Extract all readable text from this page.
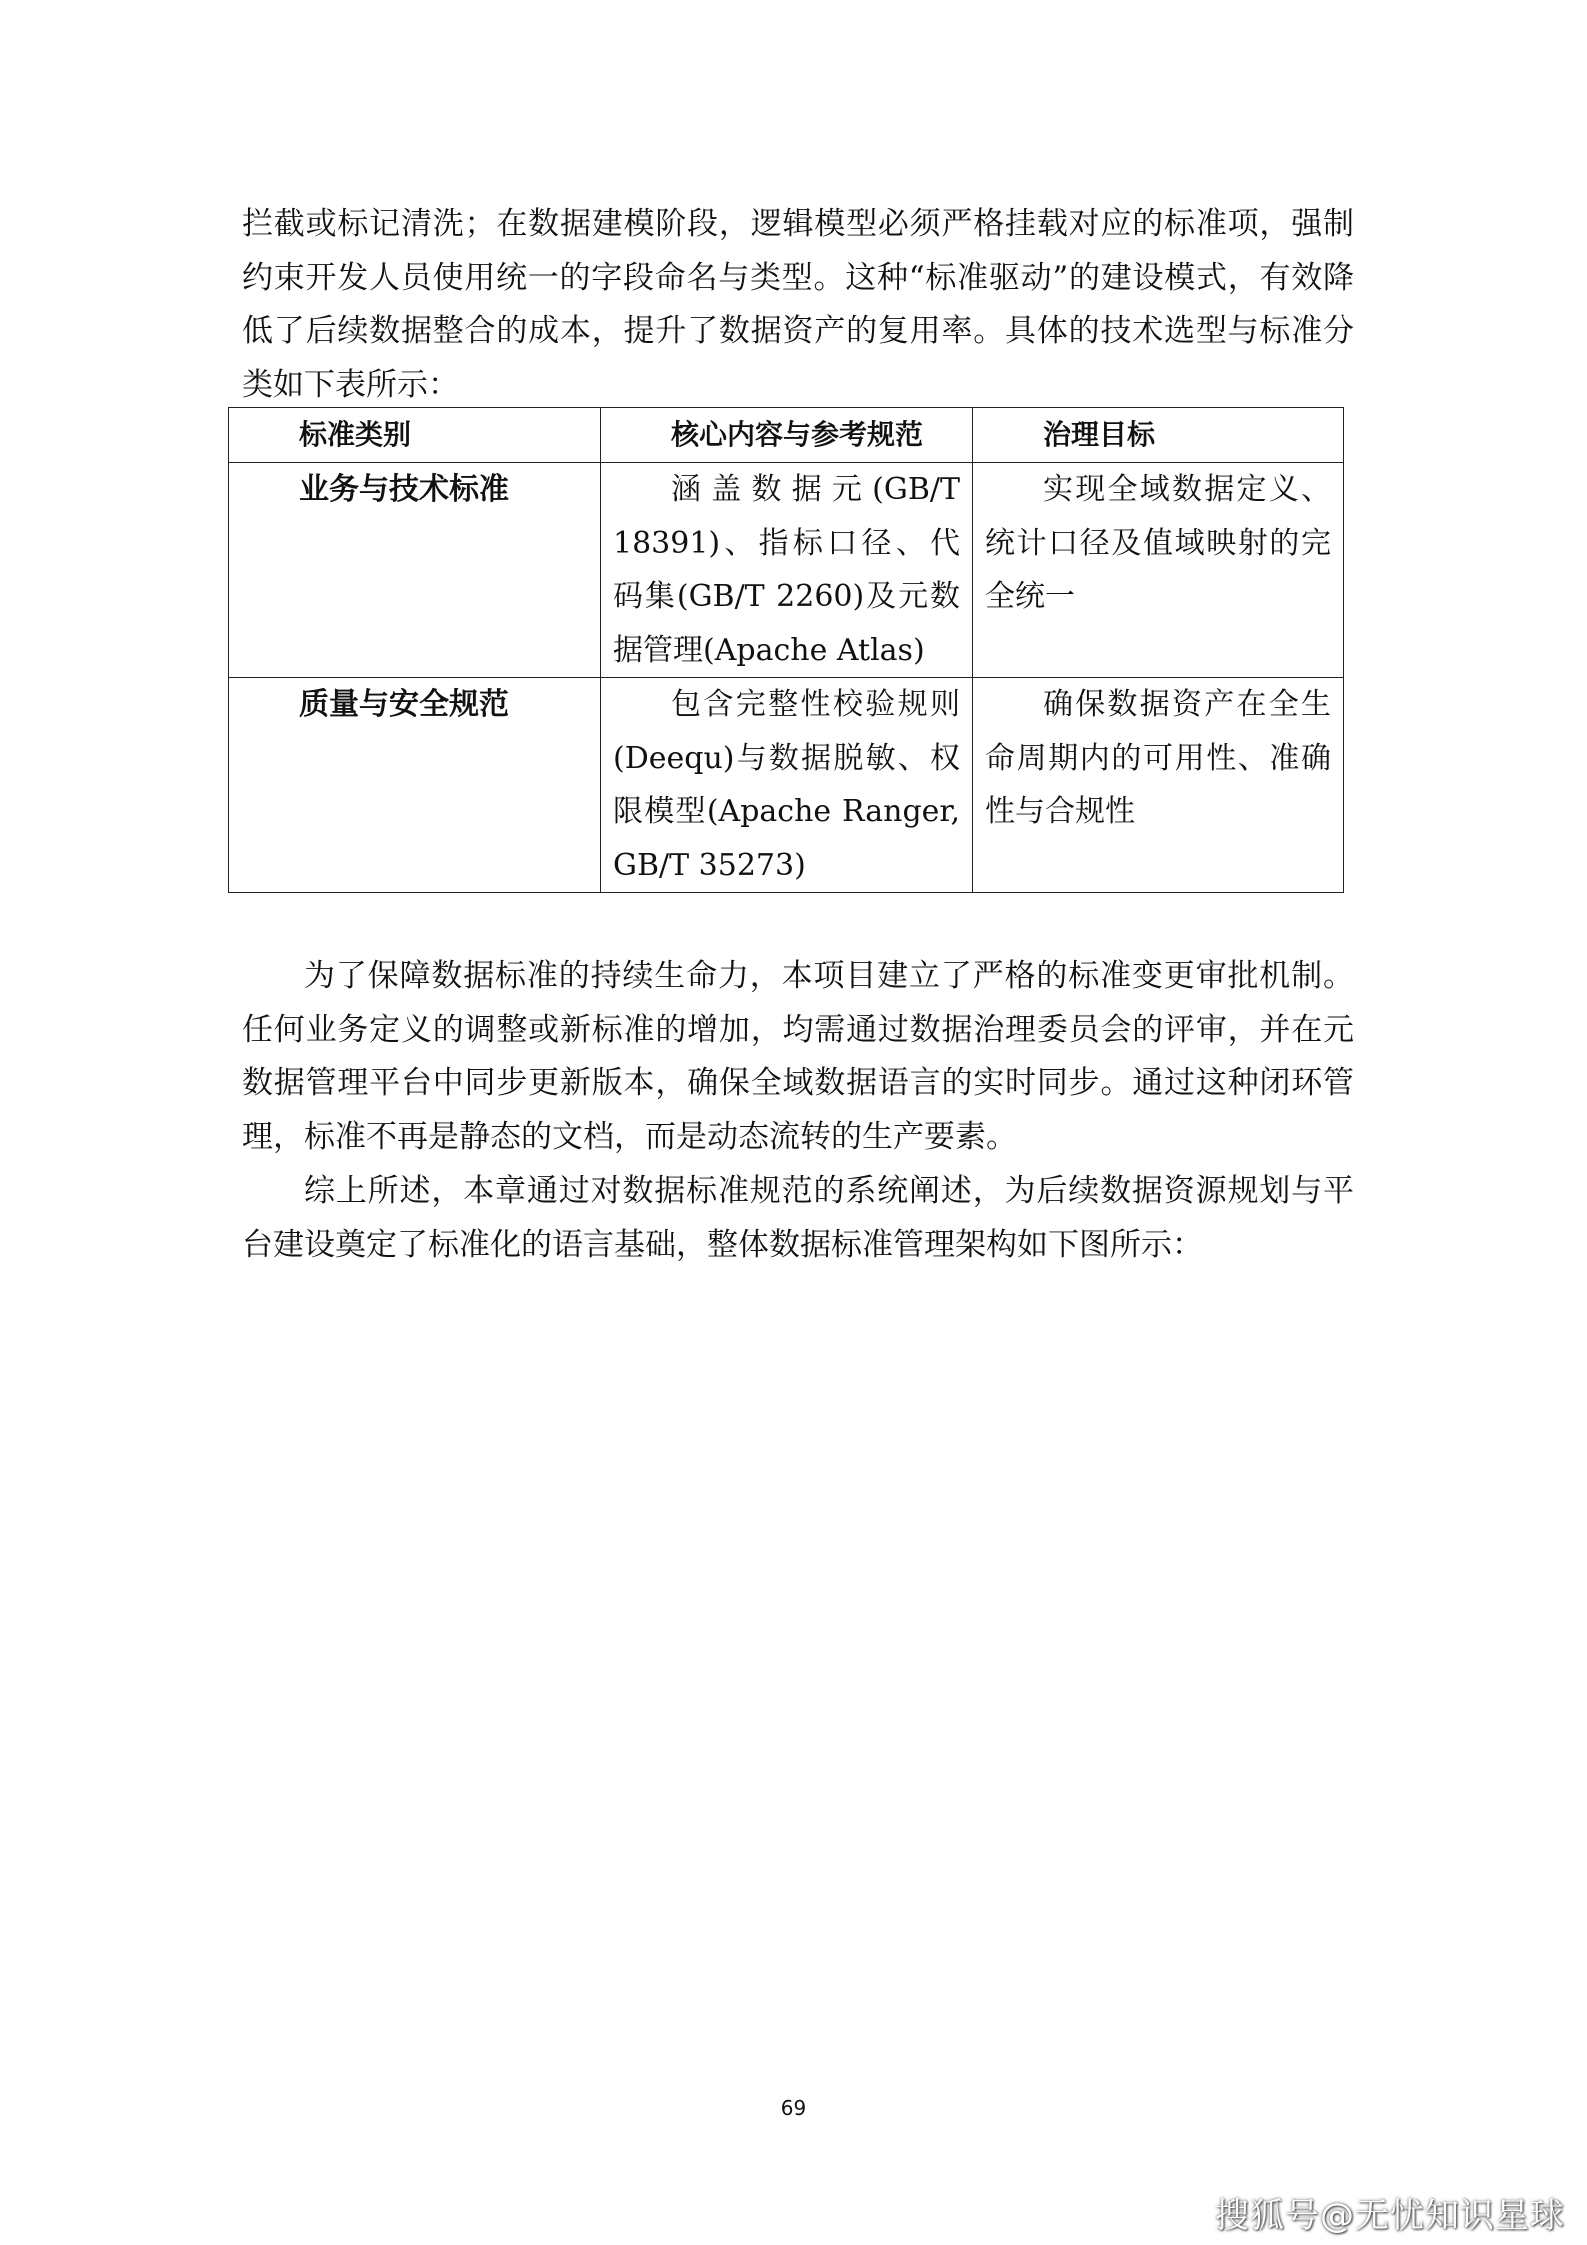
拦截或标记清洗；在数据建模阶段，逻辑模型必须严格挂载对应的标准项，强制约束开发人员使用统一的字段命名与类型。这种“标准驱动”的建设模式，有效降低了后续数据整合的成本，提升了数据资产的复用率。具体的技术选型与标准分类如下表所示：

标准类别	核心内容与参考规范	治理目标
业务与技术标准	涵盖数据元(GB/T 18391)、指标口径、代码集(GB/T 2260)及元数据管理(Apache Atlas)	实现全域数据定义、统计口径及值域映射的完全统一
质量与安全规范	包含完整性校验规则(Deequ)与数据脱敏、权限模型(Apache Ranger, GB/T 35273)	确保数据资产在全生命周期内的可用性、准确性与合规性

为了保障数据标准的持续生命力，本项目建立了严格的标准变更审批机制。任何业务定义的调整或新标准的增加，均需通过数据治理委员会的评审，并在元数据管理平台中同步更新版本，确保全域数据语言的实时同步。通过这种闭环管理，标准不再是静态的文档，而是动态流转的生产要素。

综上所述，本章通过对数据标准规范的系统阐述，为后续数据资源规划与平台建设奠定了标准化的语言基础，整体数据标准管理架构如下图所示：

69
搜狐号@无忧知识星球
